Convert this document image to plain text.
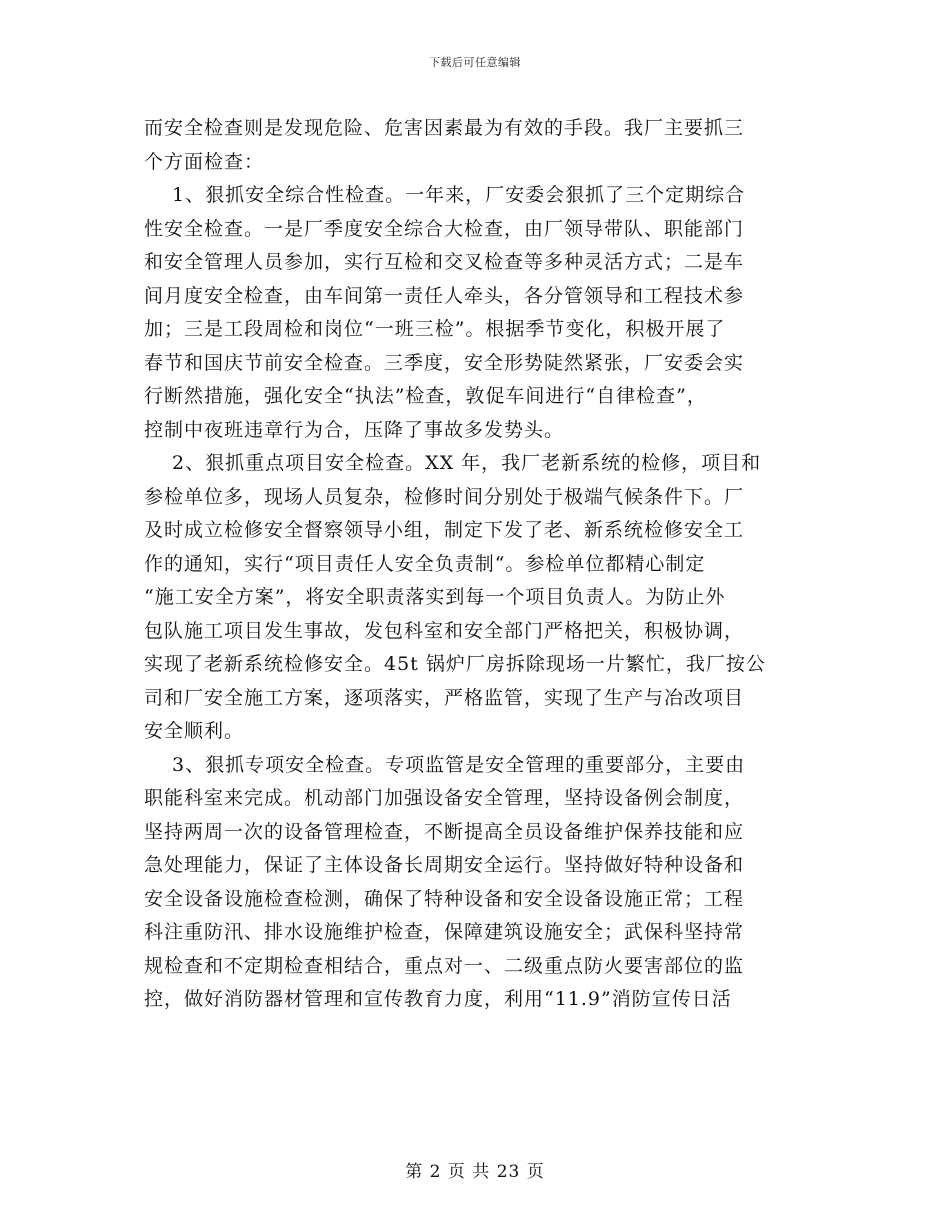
下载后可任意编辑
而安全检查则是发现危险、危害因素最为有效的手段。我厂主要抓三
个方面检查：
1、狠抓安全综合性检查。一年来，厂安委会狠抓了三个定期综合
性安全检查。一是厂季度安全综合大检查，由厂领导带队、职能部门
和安全管理人员参加，实行互检和交叉检查等多种灵活方式；二是车
间月度安全检查，由车间第一责任人牵头，各分管领导和工程技术参
加；三是工段周检和岗位“一班三检”。根据季节变化，积极开展了
春节和国庆节前安全检查。三季度，安全形势陡然紧张，厂安委会实
行断然措施，强化安全“执法”检查，敦促车间进行“自律检查”，
控制中夜班违章行为合，压降了事故多发势头。
2、狠抓重点项目安全检查。XX 年，我厂老新系统的检修，项目和
参检单位多，现场人员复杂，检修时间分别处于极端气候条件下。厂
及时成立检修安全督察领导小组，制定下发了老、新系统检修安全工
作的通知，实行“项目责任人安全负责制“。参检单位都精心制定
“施工安全方案”，将安全职责落实到每一个项目负责人。为防止外
包队施工项目发生事故，发包科室和安全部门严格把关，积极协调，
实现了老新系统检修安全。45t 锅炉厂房拆除现场一片繁忙，我厂按公
司和厂安全施工方案，逐项落实，严格监管，实现了生产与冶改项目
安全顺利。
3、狠抓专项安全检查。专项监管是安全管理的重要部分，主要由
职能科室来完成。机动部门加强设备安全管理，坚持设备例会制度，
坚持两周一次的设备管理检查，不断提高全员设备维护保养技能和应
急处理能力，保证了主体设备长周期安全运行。坚持做好特种设备和
安全设备设施检查检测，确保了特种设备和安全设备设施正常；工程
科注重防汛、排水设施维护检查，保障建筑设施安全；武保科坚持常
规检查和不定期检查相结合，重点对一、二级重点防火要害部位的监
控，做好消防器材管理和宣传教育力度，利用“11.9”消防宣传日活
第 2 页 共 23 页
